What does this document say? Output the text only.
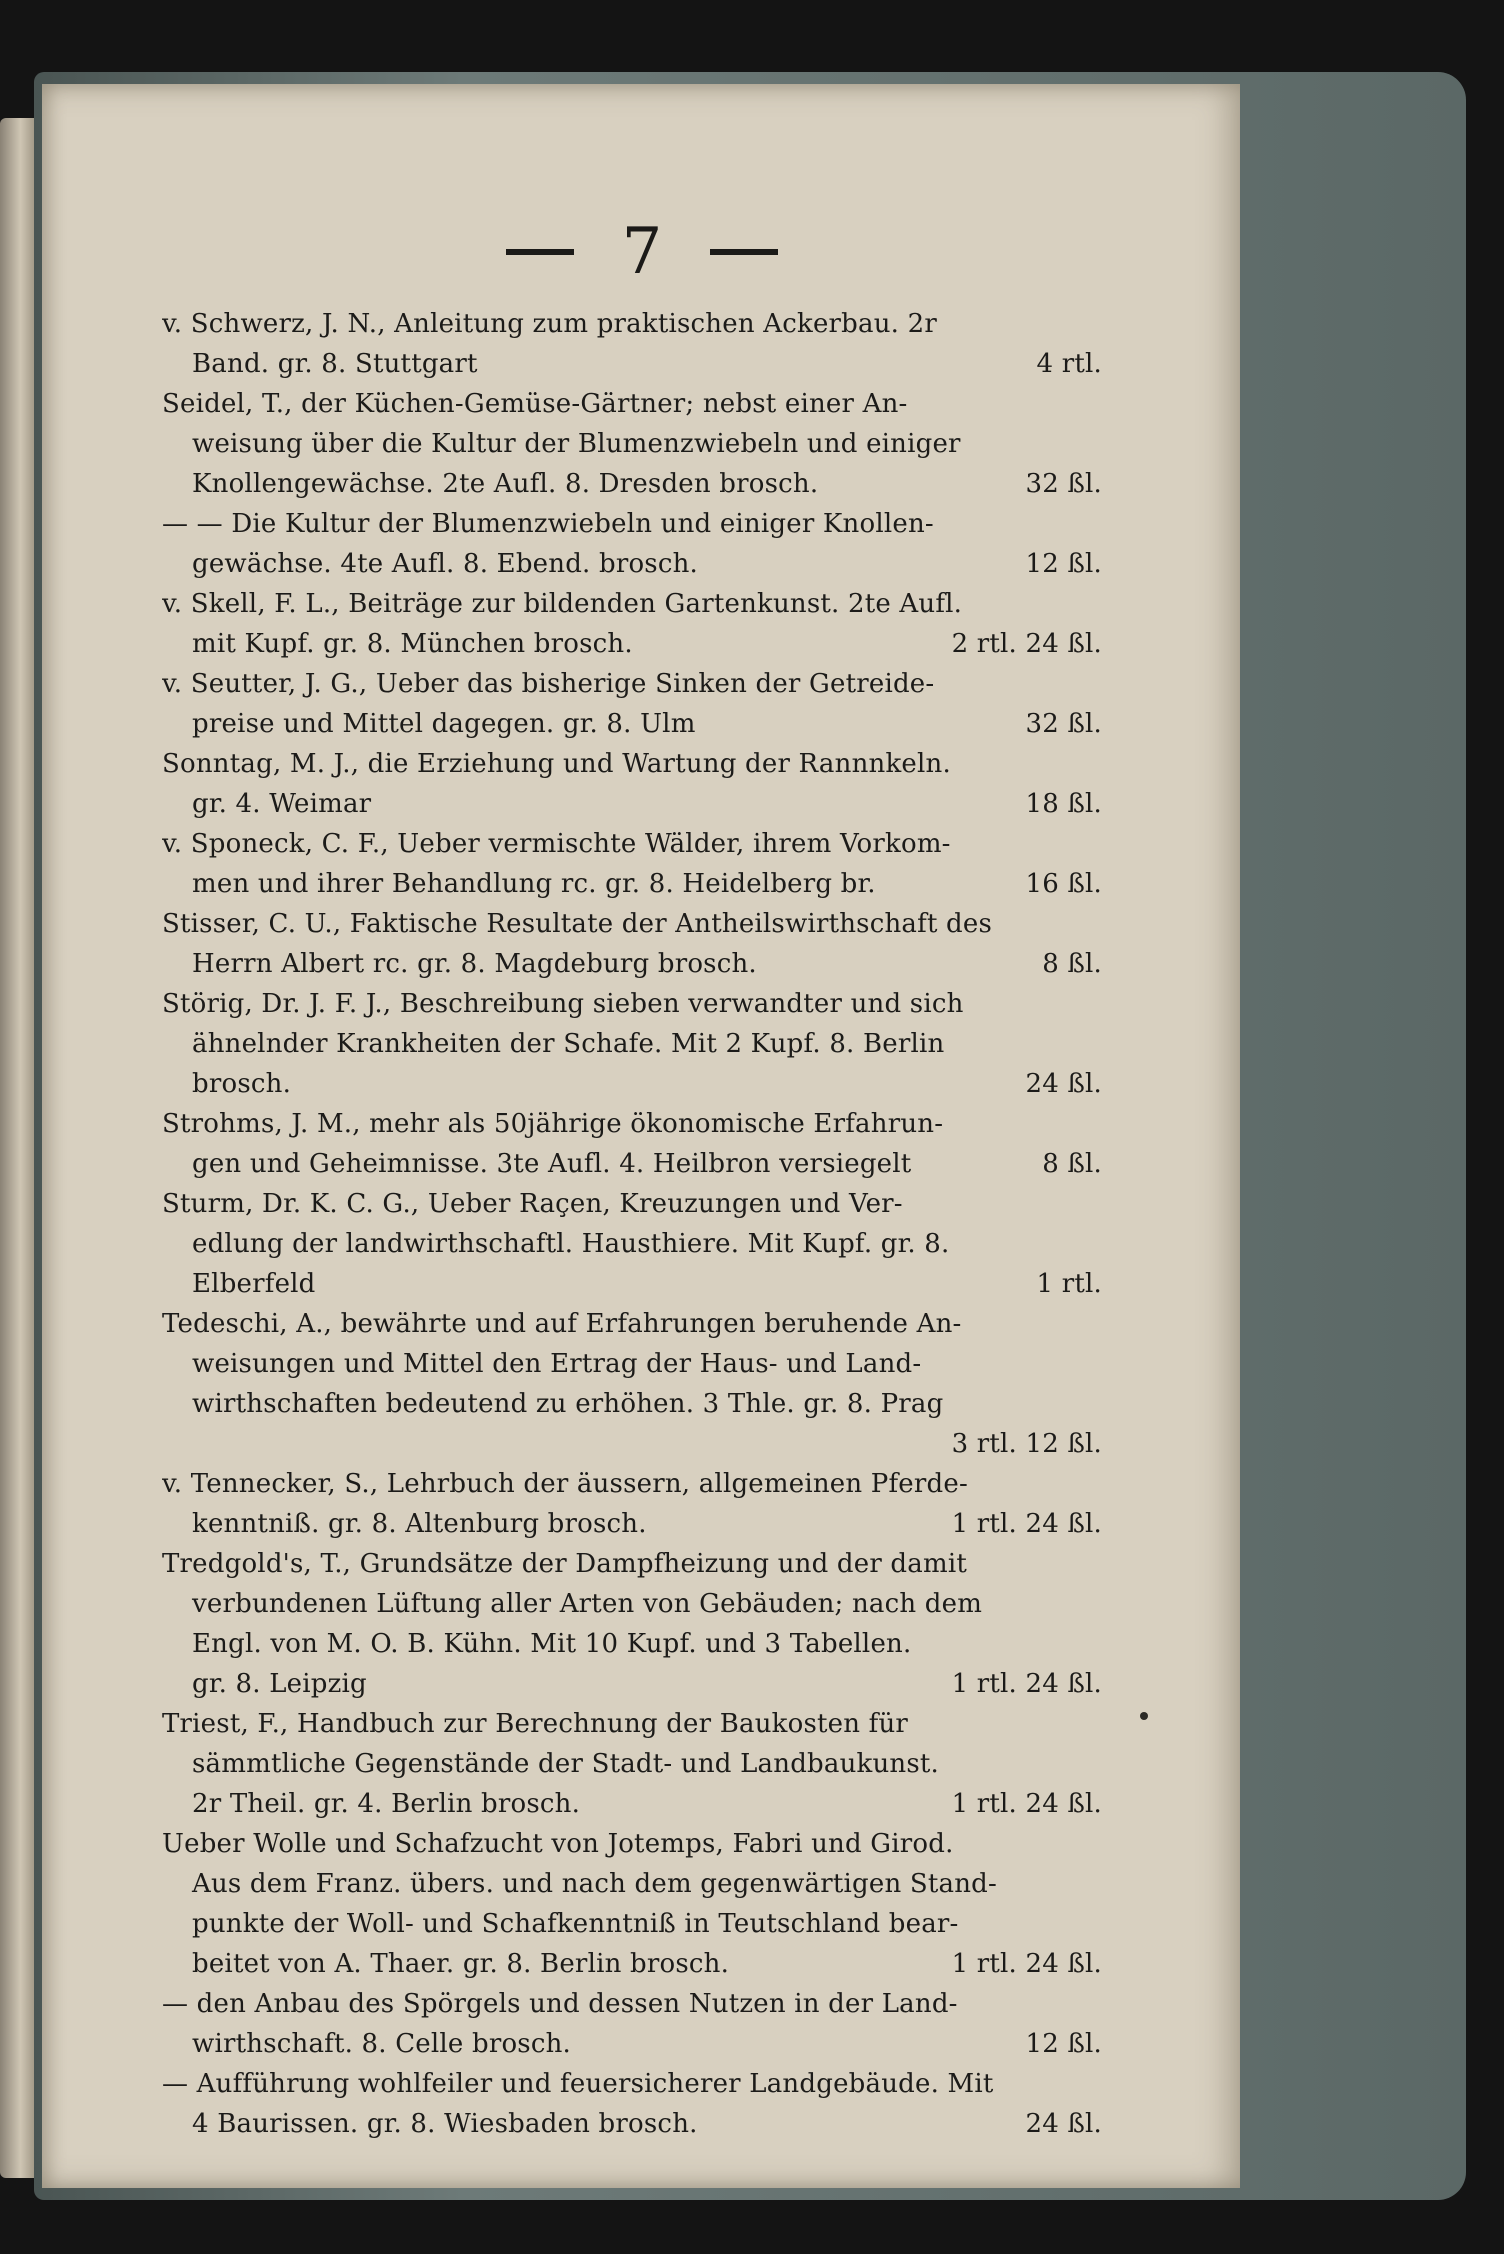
7
v. Schwerz, J. N., Anleitung zum praktischen Ackerbau. 2r
Band. gr. 8. Stuttgart	4 rtl.
Seidel, T., der Küchen-Gemüse-Gärtner; nebst einer An-
weisung über die Kultur der Blumenzwiebeln und einiger
Knollengewächse. 2te Aufl. 8. Dresden brosch.	32 ßl.
— — Die Kultur der Blumenzwiebeln und einiger Knollen-
gewächse. 4te Aufl. 8. Ebend. brosch.	12 ßl.
v. Skell, F. L., Beiträge zur bildenden Gartenkunst. 2te Aufl.
mit Kupf. gr. 8. München brosch.	2 rtl. 24 ßl.
v. Seutter, J. G., Ueber das bisherige Sinken der Getreide-
preise und Mittel dagegen. gr. 8. Ulm	32 ßl.
Sonntag, M. J., die Erziehung und Wartung der Rannnkeln.
gr. 4. Weimar	18 ßl.
v. Sponeck, C. F., Ueber vermischte Wälder, ihrem Vorkom-
men und ihrer Behandlung rc. gr. 8. Heidelberg br.	16 ßl.
Stisser, C. U., Faktische Resultate der Antheilswirthschaft des
Herrn Albert rc. gr. 8. Magdeburg brosch.	8 ßl.
Störig, Dr. J. F. J., Beschreibung sieben verwandter und sich
ähnelnder Krankheiten der Schafe. Mit 2 Kupf. 8. Berlin
brosch.	24 ßl.
Strohms, J. M., mehr als 50jährige ökonomische Erfahrun-
gen und Geheimnisse. 3te Aufl. 4. Heilbron versiegelt	8 ßl.
Sturm, Dr. K. C. G., Ueber Raçen, Kreuzungen und Ver-
edlung der landwirthschaftl. Hausthiere. Mit Kupf. gr. 8.
Elberfeld	1 rtl.
Tedeschi, A., bewährte und auf Erfahrungen beruhende An-
weisungen und Mittel den Ertrag der Haus- und Land-
wirthschaften bedeutend zu erhöhen. 3 Thle. gr. 8. Prag
3 rtl. 12 ßl.
v. Tennecker, S., Lehrbuch der äussern, allgemeinen Pferde-
kenntniß. gr. 8. Altenburg brosch.	1 rtl. 24 ßl.
Tredgold's, T., Grundsätze der Dampfheizung und der damit
verbundenen Lüftung aller Arten von Gebäuden; nach dem
Engl. von M. O. B. Kühn. Mit 10 Kupf. und 3 Tabellen.
gr. 8. Leipzig	1 rtl. 24 ßl.
Triest, F., Handbuch zur Berechnung der Baukosten für
sämmtliche Gegenstände der Stadt- und Landbaukunst.
2r Theil. gr. 4. Berlin brosch.	1 rtl. 24 ßl.
Ueber Wolle und Schafzucht von Jotemps, Fabri und Girod.
Aus dem Franz. übers. und nach dem gegenwärtigen Stand-
punkte der Woll- und Schafkenntniß in Teutschland bear-
beitet von A. Thaer. gr. 8. Berlin brosch.	1 rtl. 24 ßl.
— den Anbau des Spörgels und dessen Nutzen in der Land-
wirthschaft. 8. Celle brosch.	12 ßl.
— Aufführung wohlfeiler und feuersicherer Landgebäude. Mit
4 Baurissen. gr. 8. Wiesbaden brosch.	24 ßl.
